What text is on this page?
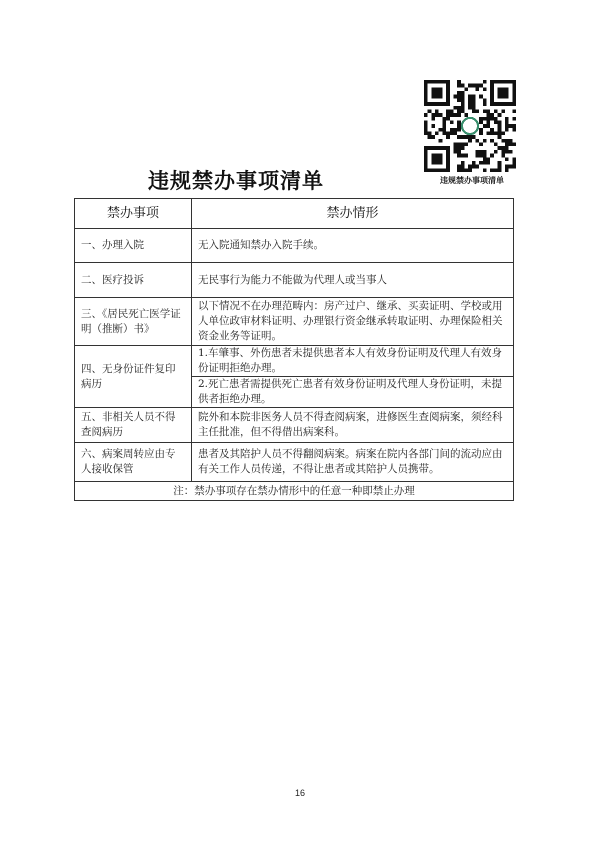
违规禁办事项清单
违规禁办事项清单
禁办事项	禁办情形
一、办理入院	无入院通知禁办入院手续。
二、医疗投诉	无民事行为能力不能做为代理人或当事人
三、《居民死亡医学证明（推断）书》	以下情况不在办理范畴内：房产过户、继承、买卖证明、学校或用人单位政审材料证明、办理银行资金继承转取证明、办理保险相关资金业务等证明。
四、无身份证件复印病历	1.车肇事、外伤患者未提供患者本人有效身份证明及代理人有效身份证明拒绝办理。
	2.死亡患者需提供死亡患者有效身份证明及代理人身份证明，未提供者拒绝办理。
五、非相关人员不得查阅病历	院外和本院非医务人员不得查阅病案，进修医生查阅病案，须经科主任批准，但不得借出病案科。
六、病案周转应由专人接收保管	患者及其陪护人员不得翻阅病案。病案在院内各部门间的流动应由有关工作人员传递，不得让患者或其陪护人员携带。
注：禁办事项存在禁办情形中的任意一种即禁止办理	
16
